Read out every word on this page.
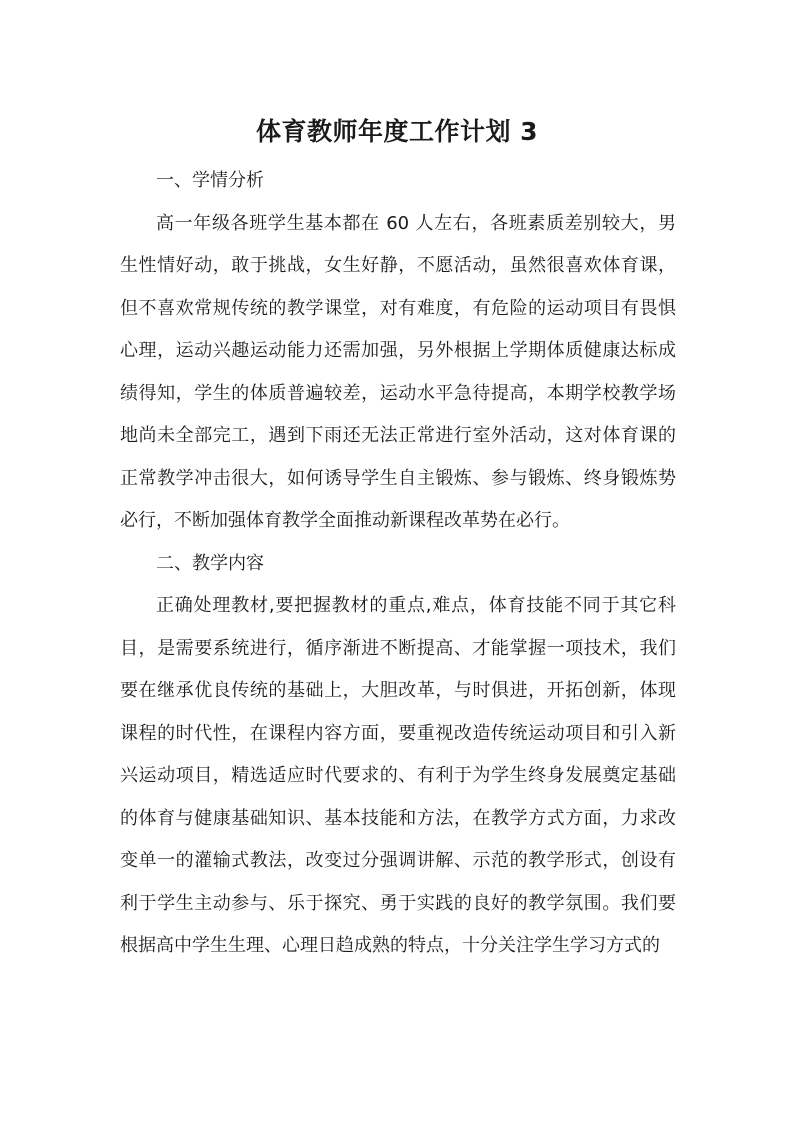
体育教师年度工作计划 3

一、学情分析

高一年级各班学生基本都在 60 人左右，各班素质差别较大，男生性情好动，敢于挑战，女生好静，不愿活动，虽然很喜欢体育课，但不喜欢常规传统的教学课堂，对有难度，有危险的运动项目有畏惧心理，运动兴趣运动能力还需加强，另外根据上学期体质健康达标成绩得知，学生的体质普遍较差，运动水平急待提高，本期学校教学场地尚未全部完工，遇到下雨还无法正常进行室外活动，这对体育课的正常教学冲击很大，如何诱导学生自主锻炼、参与锻炼、终身锻炼势必行，不断加强体育教学全面推动新课程改革势在必行。

二、教学内容

正确处理教材,要把握教材的重点,难点，体育技能不同于其它科目，是需要系统进行，循序渐进不断提高、才能掌握一项技术，我们要在继承优良传统的基础上，大胆改革，与时俱进，开拓创新，体现课程的时代性，在课程内容方面，要重视改造传统运动项目和引入新兴运动项目，精选适应时代要求的、有利于为学生终身发展奠定基础的体育与健康基础知识、基本技能和方法，在教学方式方面，力求改变单一的灌输式教法，改变过分强调讲解、示范的教学形式，创设有利于学生主动参与、乐于探究、勇于实践的良好的教学氛围。我们要根据高中学生生理、心理日趋成熟的特点，十分关注学生学习方式的
